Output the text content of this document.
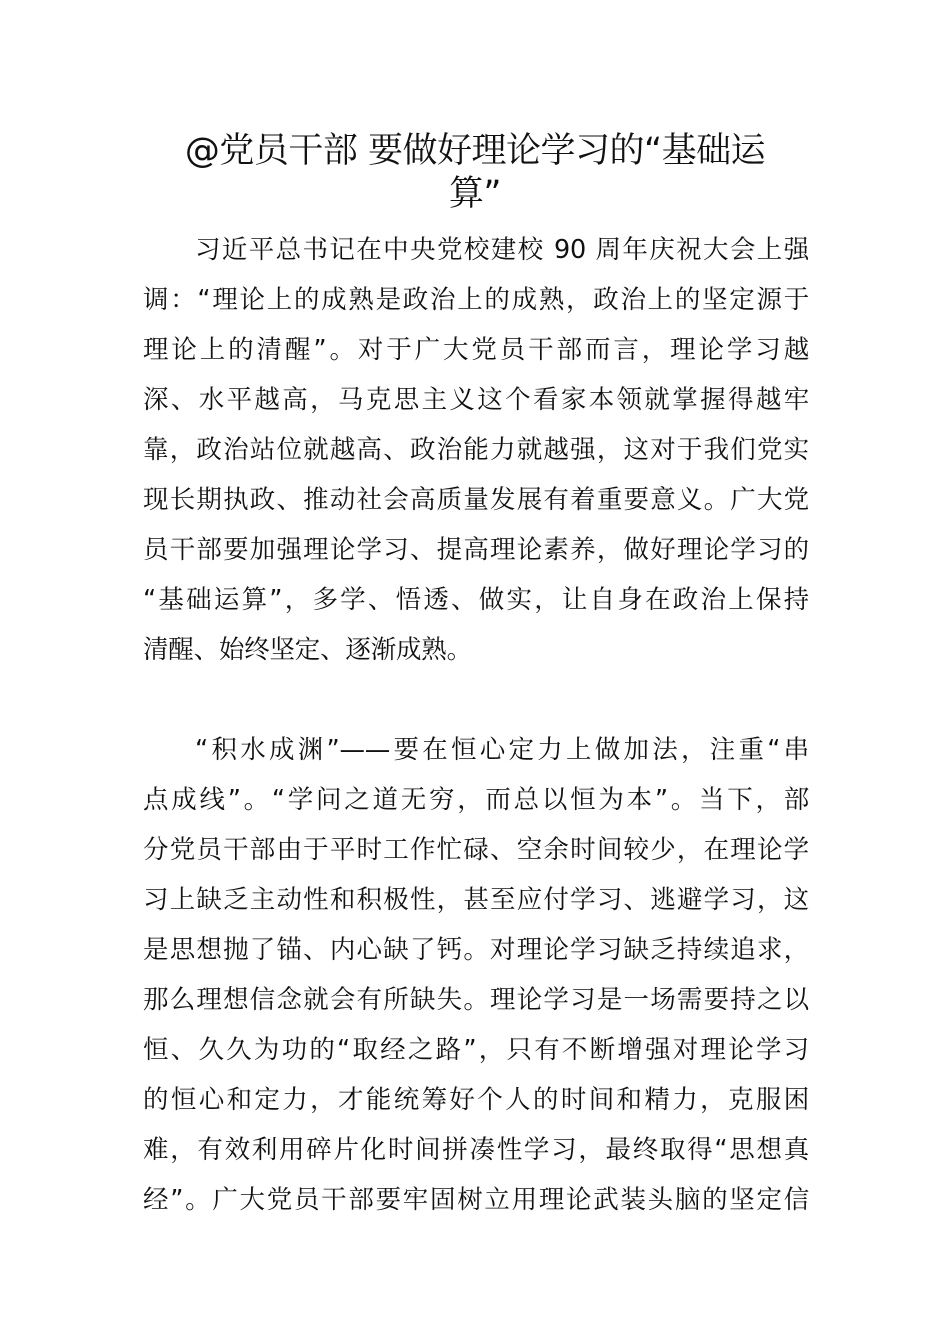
@党员干部 要做好理论学习的“基础运
算”
习近平总书记在中央党校建校 90 周年庆祝大会上强
调：“理论上的成熟是政治上的成熟，政治上的坚定源于
理论上的清醒”。对于广大党员干部而言，理论学习越
深、水平越高，马克思主义这个看家本领就掌握得越牢
靠，政治站位就越高、政治能力就越强，这对于我们党实
现长期执政、推动社会高质量发展有着重要意义。广大党
员干部要加强理论学习、提高理论素养，做好理论学习的
“基础运算”，多学、悟透、做实，让自身在政治上保持
清醒、始终坚定、逐渐成熟。
“积水成渊”——要在恒心定力上做加法，注重“串
点成线”。“学问之道无穷，而总以恒为本”。当下，部
分党员干部由于平时工作忙碌、空余时间较少，在理论学
习上缺乏主动性和积极性，甚至应付学习、逃避学习，这
是思想抛了锚、内心缺了钙。对理论学习缺乏持续追求，
那么理想信念就会有所缺失。理论学习是一场需要持之以
恒、久久为功的“取经之路”，只有不断增强对理论学习
的恒心和定力，才能统筹好个人的时间和精力，克服困
难，有效利用碎片化时间拼凑性学习，最终取得“思想真
经”。广大党员干部要牢固树立用理论武装头脑的坚定信
